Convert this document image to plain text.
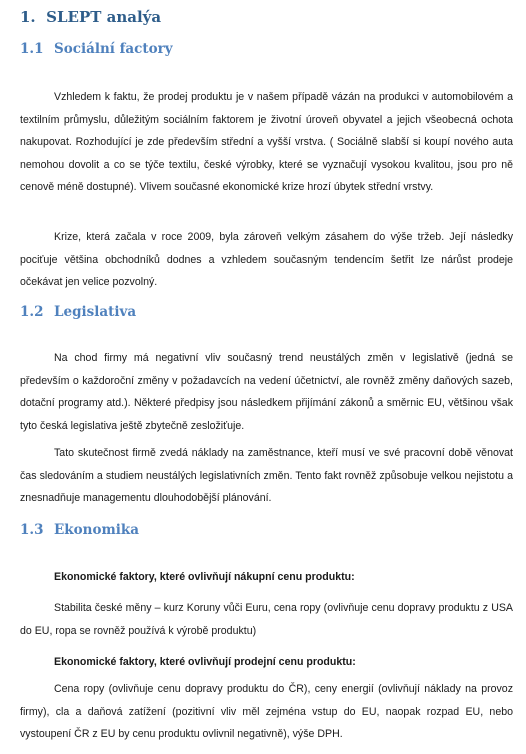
1. SLEPT analýa
1.1 Sociální factory

Vzhledem k faktu, že prodej produktu je v našem případě vázán na produkci v automobilovém a textilním průmyslu, důležitým sociálním faktorem je životní úroveň obyvatel a jejich všeobecná ochota nakupovat. Rozhodující je zde především střední a vyšší vrstva. ( Sociálně slabší si koupí nového auta nemohou dovolit a co se týče textilu, české výrobky, které se vyznačují vysokou kvalitou, jsou pro ně cenově méně dostupné). Vlivem současné ekonomické krize hrozí úbytek střední vrstvy.

Krize, která začala v roce 2009, byla zároveň velkým zásahem do výše tržeb. Její následky pociťuje většina obchodníků dodnes a vzhledem současným tendencím šetřit lze nárůst prodeje očekávat jen velice pozvolný.

1.2 Legislativa

Na chod firmy má negativní vliv současný trend neustálých změn v legislativě (jedná se především o každoroční změny v požadavcích na vedení účetnictví, ale rovněž změny daňových sazeb, dotační programy atd.). Některé předpisy jsou následkem přijímání zákonů a směrnic EU, většinou však tyto česká legislativa ještě zbytečně zesložiťuje.

Tato skutečnost firmě zvedá náklady na zaměstnance, kteří musí ve své pracovní době věnovat čas sledováním a studiem neustálých legislativních změn. Tento fakt rovněž způsobuje velkou nejistotu a znesnadňuje managementu dlouhodobější plánování.

1.3 Ekonomika

Ekonomické faktory, které ovlivňují nákupní cenu produktu:

Stabilita české měny – kurz Koruny vůči Euru, cena ropy (ovlivňuje cenu dopravy produktu z USA do EU, ropa se rovněž používá k výrobě produktu)

Ekonomické faktory, které ovlivňují prodejní cenu produktu:

Cena ropy (ovlivňuje cenu dopravy produktu do ČR), ceny energií (ovlivňují náklady na provoz firmy), cla a daňová zatížení (pozitivní vliv měl zejména vstup do EU, naopak rozpad EU, nebo vystoupení ČR z EU by cenu produktu ovlivnil negativně), výše DPH.
